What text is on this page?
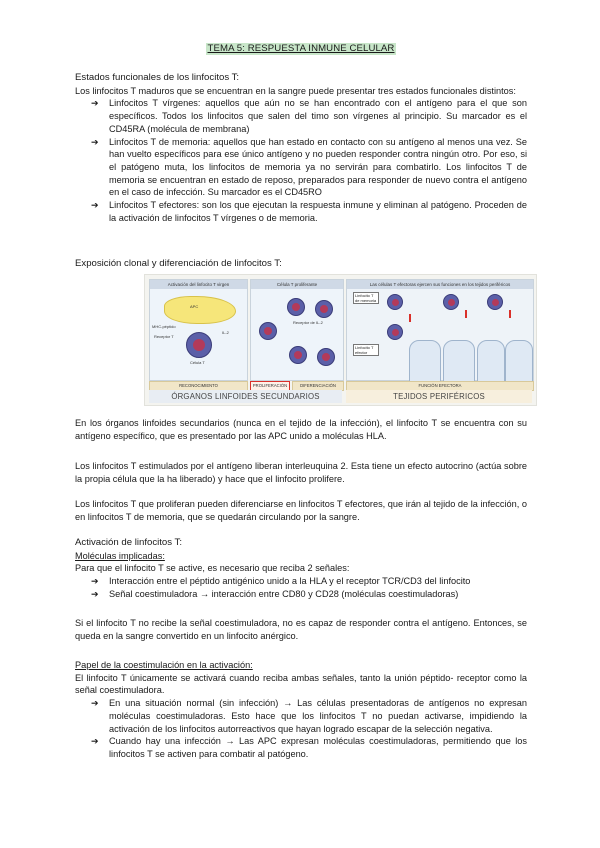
TEMA 5: RESPUESTA INMUNE CELULAR

Estados funcionales de los linfocitos T:

Los linfocitos T maduros que se encuentran en la sangre puede presentar tres estados funcionales distintos:

➔ Linfocitos T vírgenes: aquellos que aún no se han encontrado con el antígeno para el que son específicos. Todos los linfocitos que salen del timo son vírgenes al principio. Su marcador es el CD45RA (molécula de membrana)
➔ Linfocitos T de memoria: aquellos que han estado en contacto con su antígeno al menos una vez. Se han vuelto específicos para ese único antígeno y no pueden responder contra ningún otro. Por eso, si el patógeno muta, los linfocitos de memoria ya no servirán para combatirlo. Los linfocitos T de memoria se encuentran en estado de reposo, preparados para responder de nuevo contra el antígeno en el caso de infección. Su marcador es el CD45RO
➔ Linfocitos T efectores: son los que ejecutan la respuesta inmune y eliminan al patógeno. Proceden de la activación de linfocitos T vírgenes o de memoria.

Exposición clonal y diferenciación de linfocitos T:

Activación del linfocito T virgen
APC
MHC-péptido
Receptor T
IL-2
Célula T
Célula T proliferante
Receptor de IL-2
Las células T efectoras ejercen sus funciones en los tejidos periféricos
Linfocito T de memoria
Linfocito T efector
RECONOCIMIENTO	PROLIFERACIÓN	DIFERENCIACIÓN	FUNCIÓN EFECTORA
ÓRGANOS LINFOIDES SECUNDARIOS	TEJIDOS PERIFÉRICOS
En los órganos linfoides secundarios (nunca en el tejido de la infección), el linfocito T se encuentra con su antígeno específico, que es presentado por las APC unido a moléculas HLA.
Los linfocitos T estimulados por el antígeno liberan interleuquina 2. Esta tiene un efecto autocrino (actúa sobre la propia célula que la ha liberado) y hace que el linfocito prolifere.
Los linfocitos T que proliferan pueden diferenciarse en linfocitos T efectores, que irán al tejido de la infección, o en linfocitos T de memoria, que se quedarán circulando por la sangre.

Activación de linfocitos T:

Moléculas implicadas:

Para que el linfocito T se active, es necesario que reciba 2 señales:

➔ Interacción entre el péptido antigénico unido a la HLA y el receptor TCR/CD3 del linfocito
➔ Señal coestimuladora → interacción entre CD80 y CD28 (moléculas coestimuladoras)
Si el linfocito T no recibe la señal coestimuladora, no es capaz de responder contra el antígeno. Entonces, se queda en la sangre convertido en un linfocito anérgico.

Papel de la coestimulación en la activación:

El linfocito T únicamente se activará cuando reciba ambas señales, tanto la unión péptido- receptor como la señal coestimuladora.

➔ En una situación normal (sin infección) → Las células presentadoras de antígenos no expresan moléculas coestimuladoras. Esto hace que los linfocitos T no puedan activarse, impidiendo la activación de los linfocitos autorreactivos que hayan logrado escapar de la selección negativa.
➔ Cuando hay una infección → Las APC expresan moléculas coestimuladoras, permitiendo que los linfocitos T se activen para combatir al patógeno.
